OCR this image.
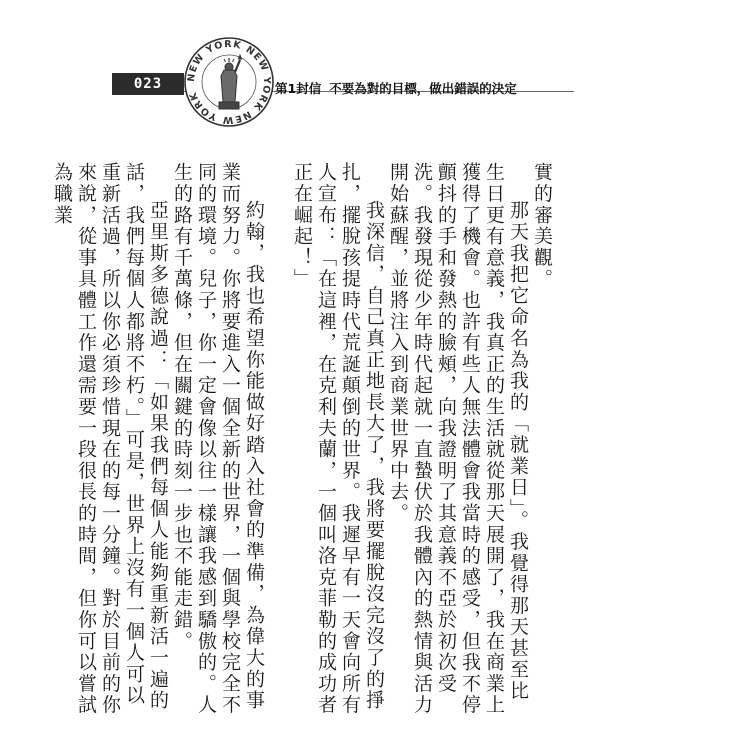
023	NEW YORK NEW YORK NEW YORK	第1封信 不要為對的目標，做出錯誤的決定

實的審美觀。

那天我把它命名為我的「就業日」。我覺得那天甚至比生日更有意義，我真正的生活就從那天展開了，我在商業上獲得了機會。也許有些人無法體會我當時的感受，但我不停顫抖的手和發熱的臉頰，向我證明了其意義不亞於初次受洗。我發現從少年時代起就一直蟄伏於我體內的熱情與活力開始蘇醒，並將注入到商業世界中去。

我深信，自己真正地長大了，我將要擺脫沒完沒了的掙扎，擺脫孩提時代荒誕顛倒的世界。我遲早有一天會向所有人宣布：「在這裡，在克利夫蘭，一個叫洛克菲勒的成功者正在崛起！」

約翰，我也希望你能做好踏入社會的準備，為偉大的事業而努力。你將要進入一個全新的世界，一個與學校完全不同的環境。兒子，你一定會像以往一樣讓我感到驕傲的。人生的路有千萬條，但在關鍵的時刻一步也不能走錯。

亞里斯多德說過：「如果我們每個人能夠重新活一遍的話，我們每個人都將不朽。」可是，世界上沒有一個人可以重新活過，所以你必須珍惜現在的每一分鐘。對於目前的你來說，從事具體工作還需要一段很長的時間，但你可以嘗試為職業
